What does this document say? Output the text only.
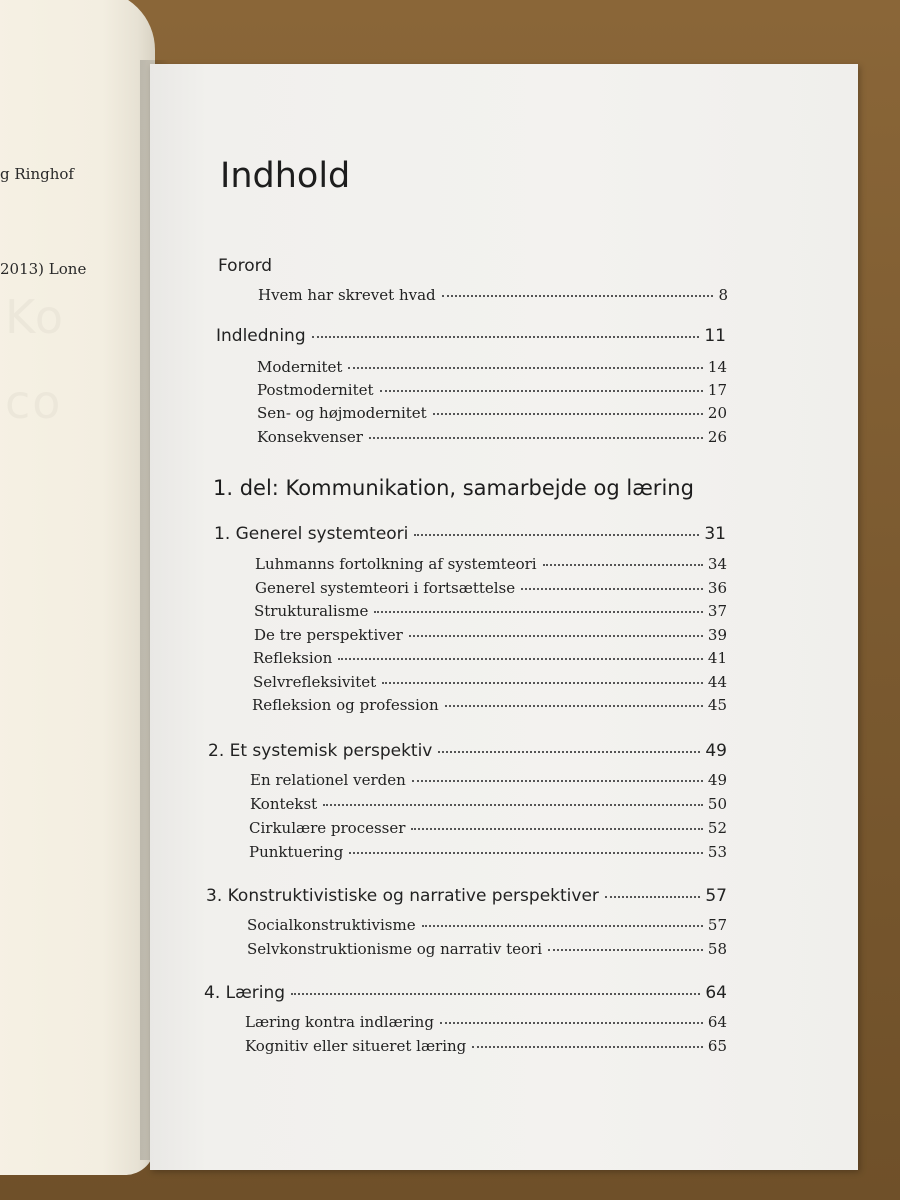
Ko
co
g Ringhof
2013) Lone
Indhold
Forord
Hvem har skrevet hvad	8
Indledning	11
Modernitet	14
Postmodernitet	17
Sen- og højmodernitet	20
Konsekvenser	26
1. del: Kommunikation, samarbejde og læring
1. Generel systemteori	31
Luhmanns fortolkning af systemteori	34
Generel systemteori i fortsættelse	36
Strukturalisme	37
De tre perspektiver	39
Refleksion	41
Selvrefleksivitet	44
Refleksion og profession	45
2. Et systemisk perspektiv	49
En relationel verden	49
Kontekst	50
Cirkulære processer	52
Punktuering	53
3. Konstruktivistiske og narrative perspektiver	57
Socialkonstruktivisme	57
Selvkonstruktionisme og narrativ teori	58
4. Læring	64
Læring kontra indlæring	64
Kognitiv eller situeret læring	65
